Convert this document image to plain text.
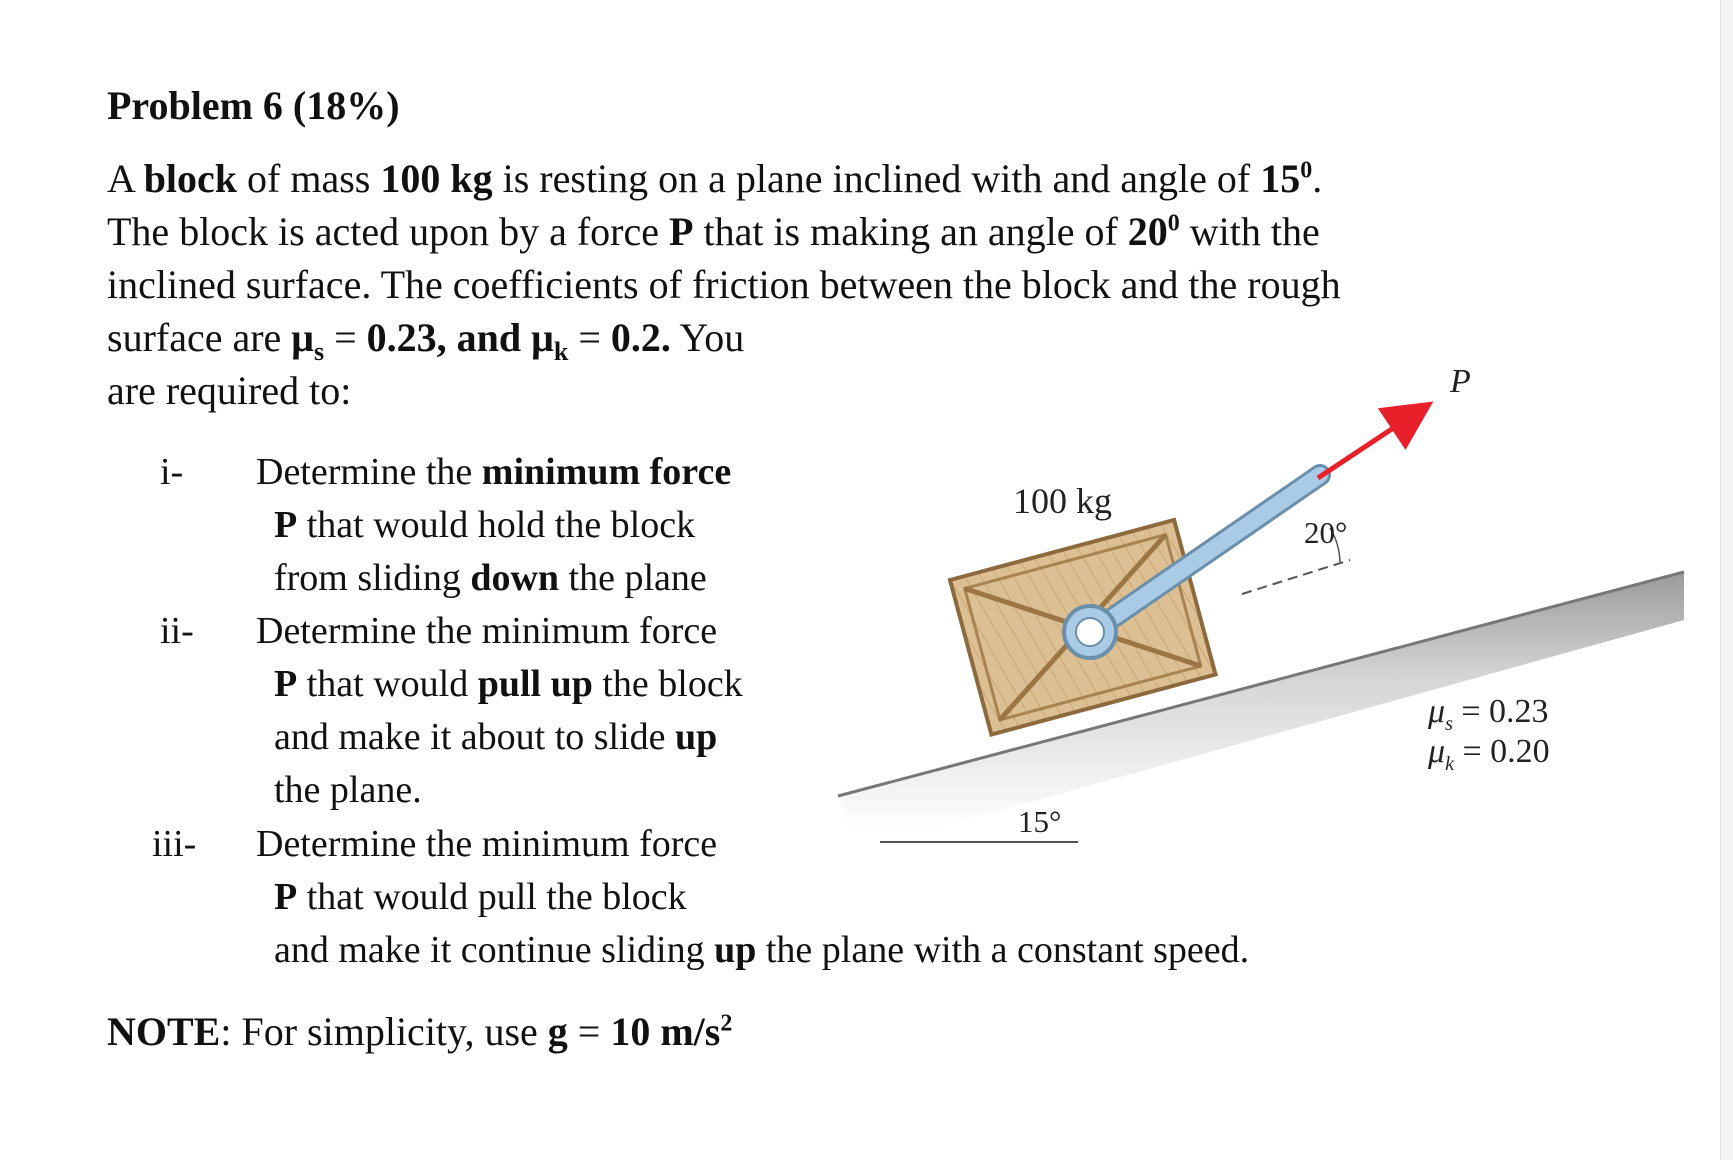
Problem 6 (18%)
A block of mass 100 kg is resting on a plane inclined with and angle of $15^0$.
The block is acted upon by a force P that is making an angle of $20^0$ with the
inclined surface. The coefficients of friction between the block and the rough
surface are $\mu_s = 0.23$, and $\mu_k = 0.2$. You
are required to:
i- Determine the minimum force
P that would hold the block
from sliding down the plane
ii- Determine the minimum force
P that would pull up the block
and make it about to slide up
the plane.
iii- Determine the minimum force
P that would pull the block
and make it continue sliding up the plane with a constant speed.
NOTE: For simplicity, use g = 10 $m/s^2$
100 kg
20°
15°
P
$\mu_s = 0.23$
$\mu_k = 0.20$
